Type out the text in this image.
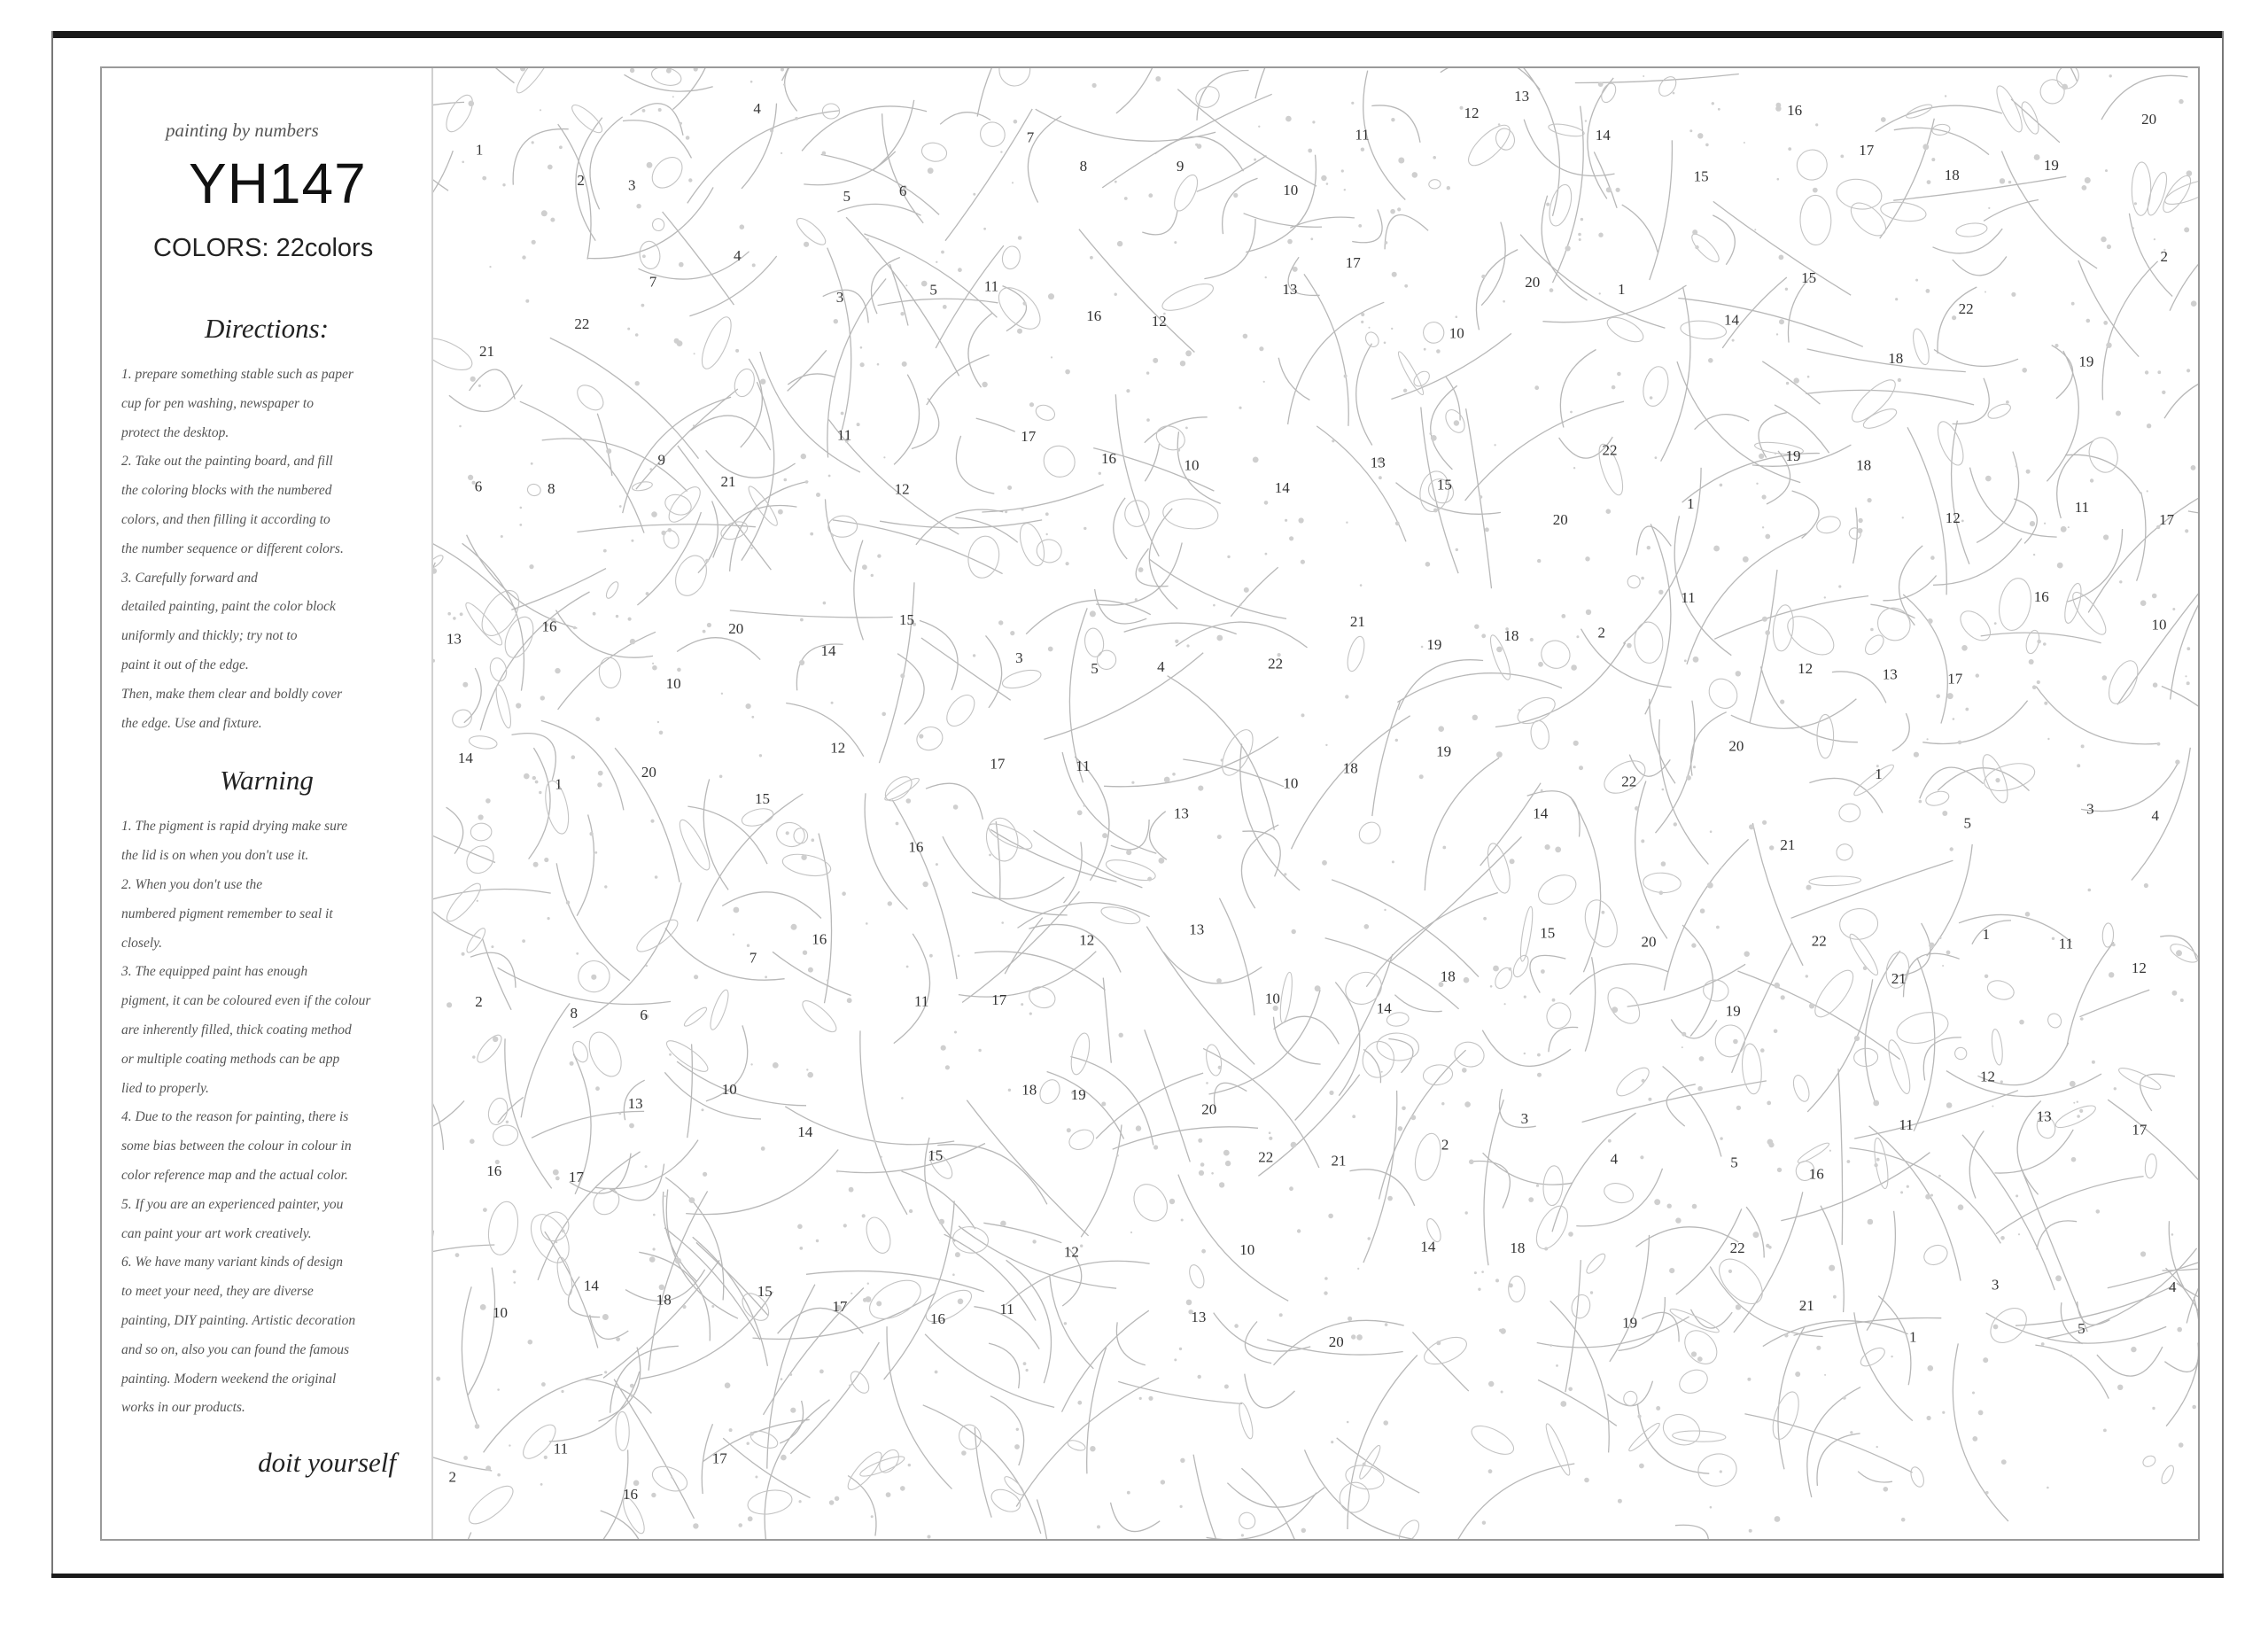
painting by numbers

YH147
COLORS: 22colors
Directions:

1. prepare something stable such as paper

cup for pen washing, newspaper to

protect the desktop.

2. Take out the painting board, and fill

the coloring blocks with the numbered

colors, and then filling it according to

the number sequence or different colors.

3. Carefully forward and

detailed painting, paint the color block

uniformly and thickly; try not to

paint it out of the edge.

Then, make them clear and boldly cover

the edge. Use and fixture.

Warning

1. The pigment is rapid drying make sure

the lid is on when you don't use it.

2. When you don't use the

numbered pigment remember to seal it

closely.

3. The equipped paint has enough

pigment, it can be coloured even if the colour

are inherently filled, thick coating method

or multiple coating methods can be app

lied to properly.

4. Due to the reason for painting, there is

some bias between the colour in colour in

color reference map and the actual color.

5. If you are an experienced painter, you

can paint your art work creatively.

6. We have many variant kinds of design

to meet your need, they are diverse

painting, DIY painting. Artistic decoration

and so on, also you can found the famous

painting. Modern weekend the original

works in our products.

doit yourself
1
2	3
4
5	6
7
8	9
10
11
12
13
14
15
16
17
18
19
20
21
22
7
4
3	5	11
16	12
13
17
10
20	1
14
15
18
22
19
2
6	8
9
21
11
12
17
16	10
14
13
15
20
22
1
19
18
12
11
17
13
16
10
20
14
15
3
5	4	22
21
19
18	2
11
12	13	17
16
10
14
1
20
15
12
16
17	11
13
10
18
19
14
22
20
21
1
5
3	4
2
8	6
7
16
11	17
12
13
10
14
18
15
20
19
22
21
1
11
12
16	17
13
10
14
15
18 19
20
22	21
2
3
4	5
16
11
12
13
17
10
14
18	15
17
16
11
12
13
10
20
14	18
19
22
21
1
3
5
4
2
11
16
17
